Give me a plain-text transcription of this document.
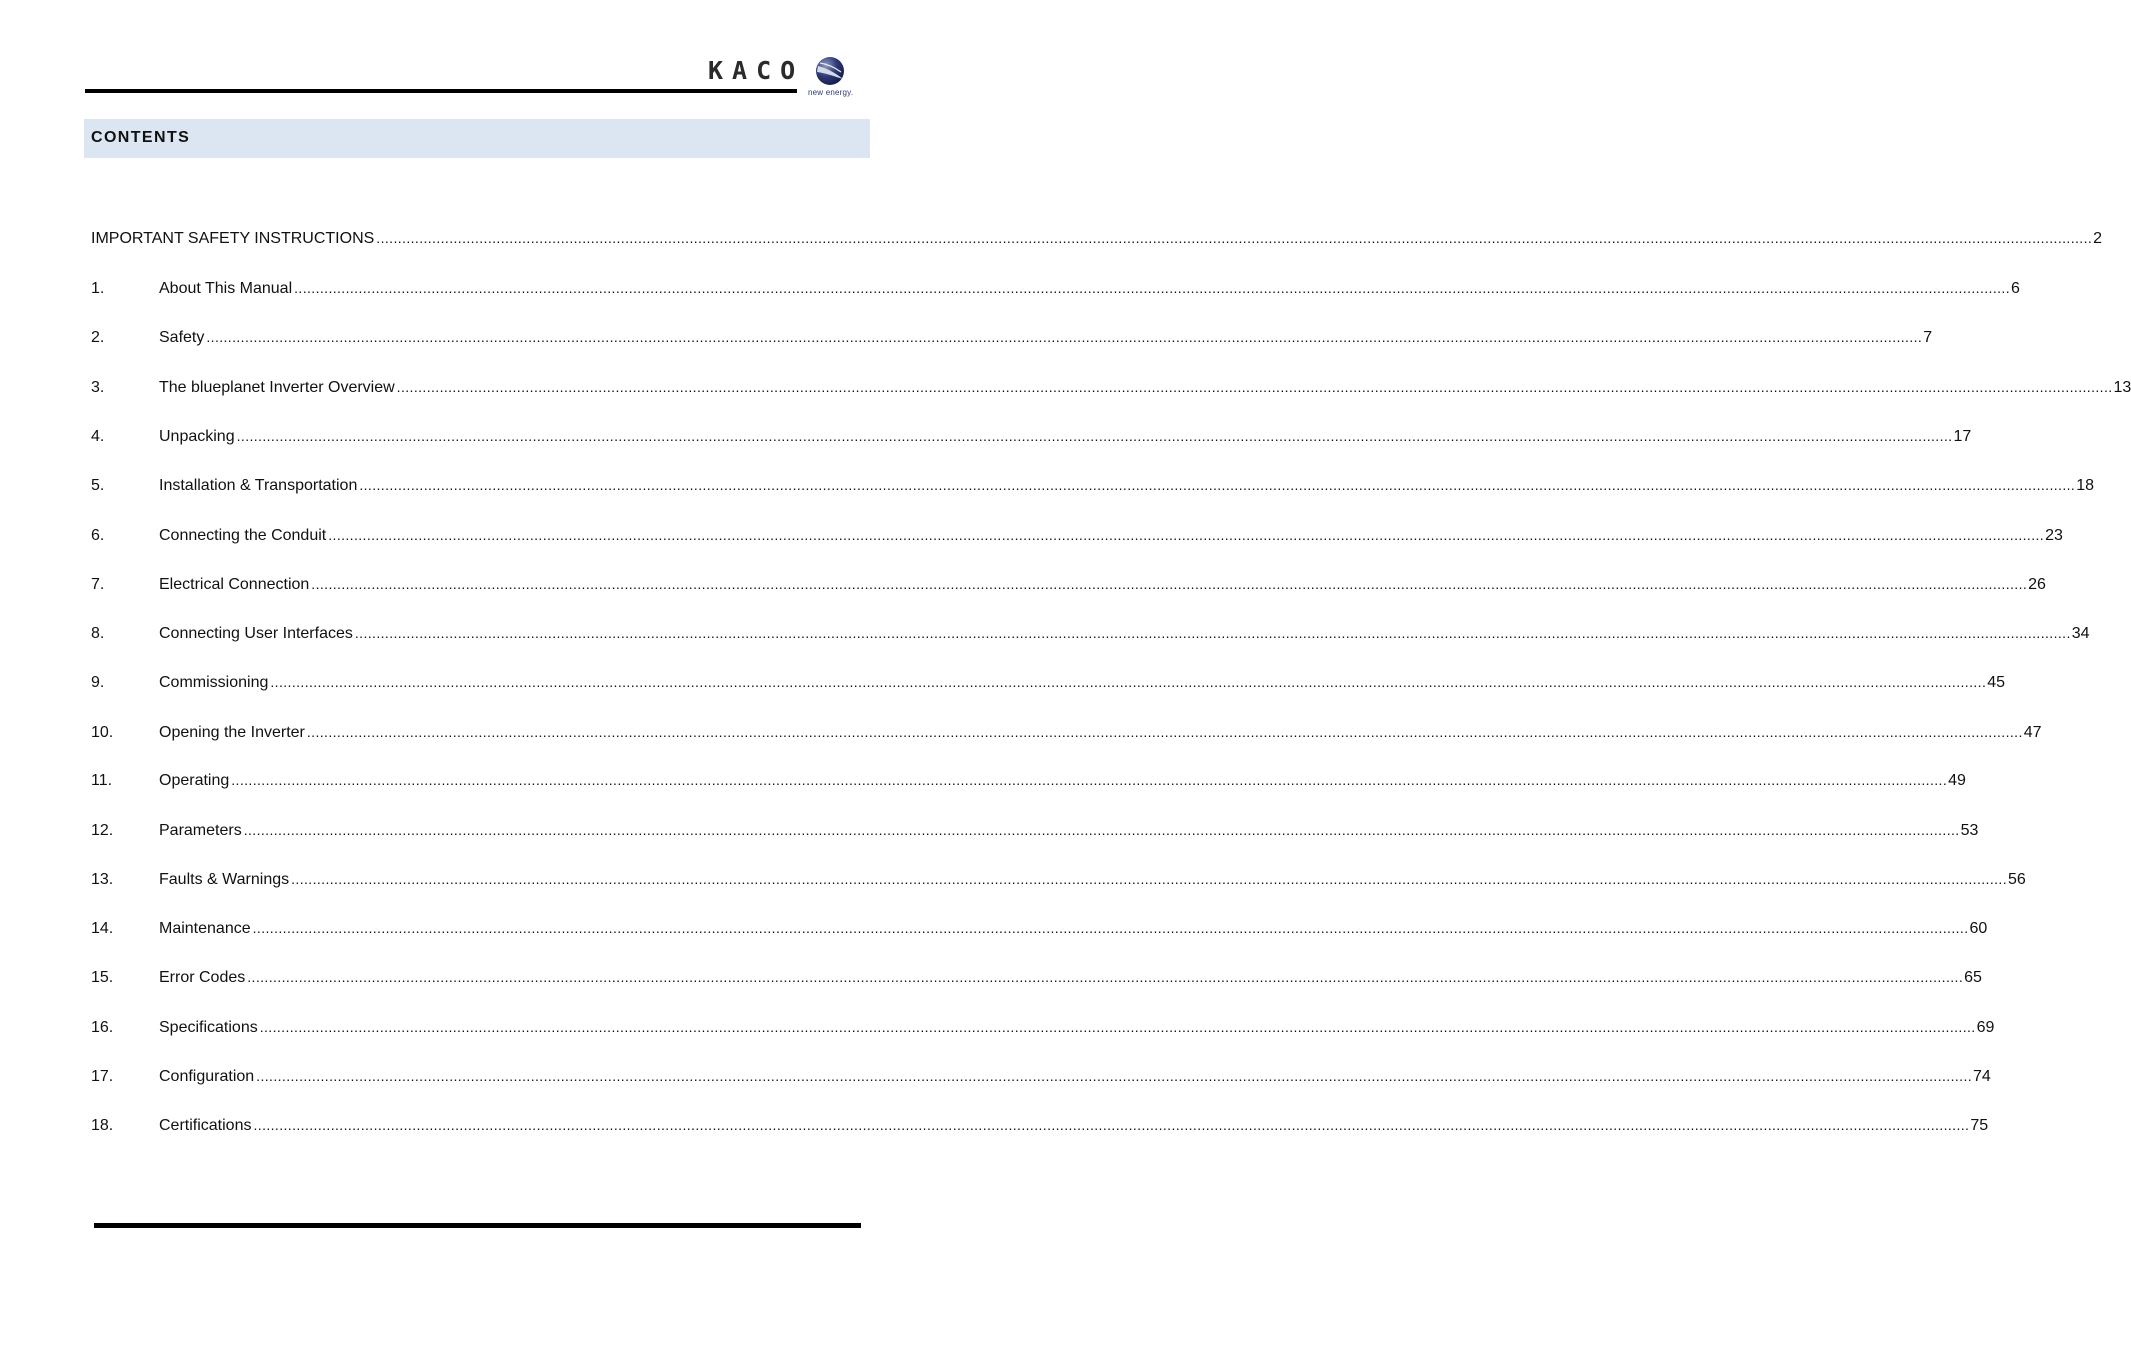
KACO
new energy.
CONTENTS
IMPORTANT SAFETY INSTRUCTIONS ................................................................................................................................................................................................................................................................................................................................................................................................................ 2
1.	About This Manual ................................................................................................................................................................................................................................................................................................................................................................................................................ 6
2.	Safety ................................................................................................................................................................................................................................................................................................................................................................................................................ 7
3.	The blueplanet Inverter Overview ................................................................................................................................................................................................................................................................................................................................................................................................................ 13
4.	Unpacking ................................................................................................................................................................................................................................................................................................................................................................................................................ 17
5.	Installation & Transportation ................................................................................................................................................................................................................................................................................................................................................................................................................ 18
6.	Connecting the Conduit ................................................................................................................................................................................................................................................................................................................................................................................................................ 23
7.	Electrical Connection ................................................................................................................................................................................................................................................................................................................................................................................................................ 26
8.	Connecting User Interfaces ................................................................................................................................................................................................................................................................................................................................................................................................................ 34
9.	Commissioning ................................................................................................................................................................................................................................................................................................................................................................................................................ 45
10.	Opening the Inverter ................................................................................................................................................................................................................................................................................................................................................................................................................ 47
11.	Operating ................................................................................................................................................................................................................................................................................................................................................................................................................ 49
12.	Parameters ................................................................................................................................................................................................................................................................................................................................................................................................................ 53
13.	Faults & Warnings ................................................................................................................................................................................................................................................................................................................................................................................................................ 56
14.	Maintenance ................................................................................................................................................................................................................................................................................................................................................................................................................ 60
15.	Error Codes ................................................................................................................................................................................................................................................................................................................................................................................................................ 65
16.	Specifications ................................................................................................................................................................................................................................................................................................................................................................................................................ 69
17.	Configuration ................................................................................................................................................................................................................................................................................................................................................................................................................ 74
18.	Certifications ................................................................................................................................................................................................................................................................................................................................................................................................................ 75
